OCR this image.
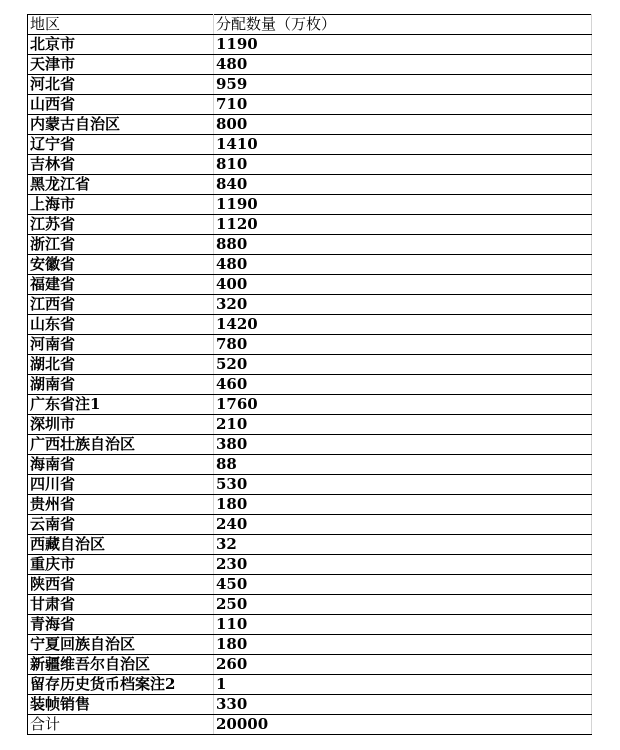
地区	分配数量（万枚）
北京市	1190
天津市	480
河北省	959
山西省	710
内蒙古自治区	800
辽宁省	1410
吉林省	810
黑龙江省	840
上海市	1190
江苏省	1120
浙江省	880
安徽省	480
福建省	400
江西省	320
山东省	1420
河南省	780
湖北省	520
湖南省	460
广东省注1	1760
深圳市	210
广西壮族自治区	380
海南省	88
四川省	530
贵州省	180
云南省	240
西藏自治区	32
重庆市	230
陕西省	450
甘肃省	250
青海省	110
宁夏回族自治区	180
新疆维吾尔自治区	260
留存历史货币档案注2	1
装帧销售	330
合计	20000
